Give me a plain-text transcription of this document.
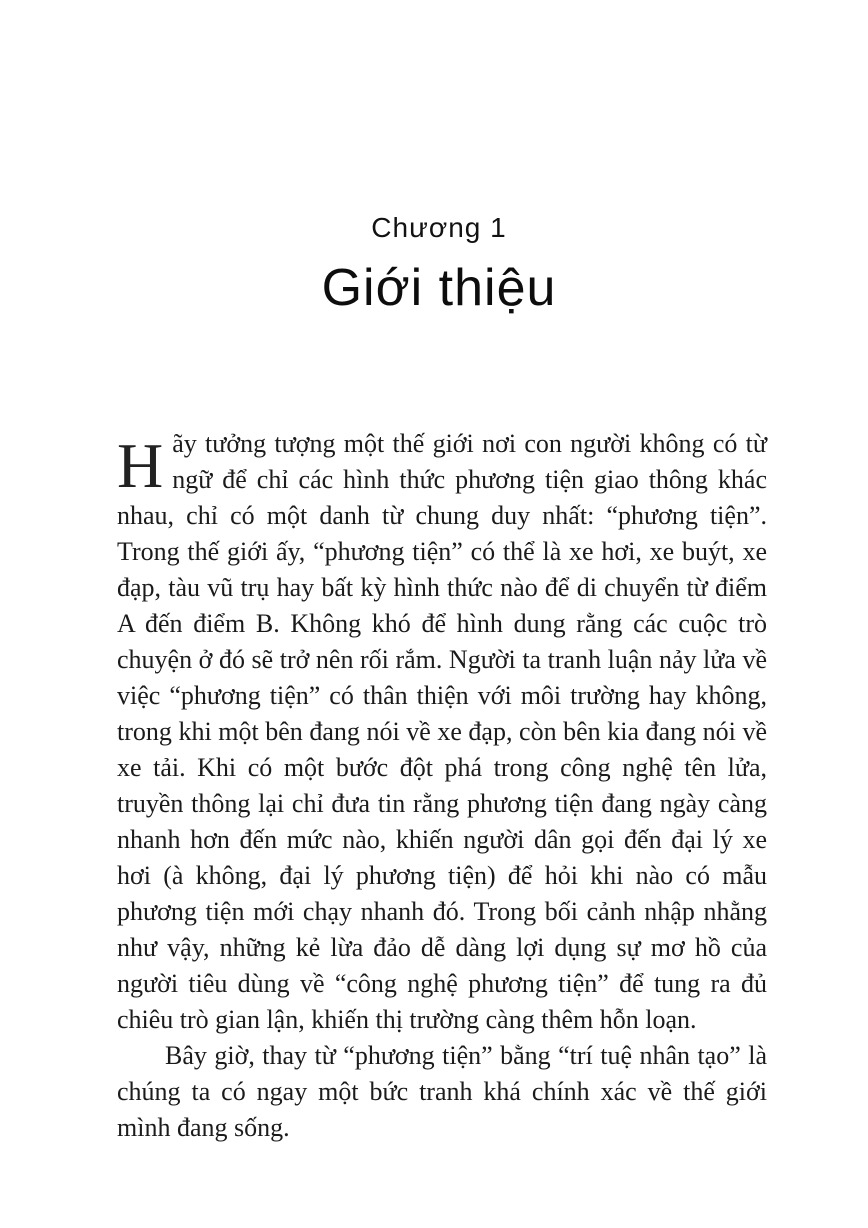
Chương 1
Giới thiệu

Hãy tưởng tượng một thế giới nơi con người không có từ ngữ để chỉ các hình thức phương tiện giao thông khác nhau, chỉ có một danh từ chung duy nhất: “phương tiện”. Trong thế giới ấy, “phương tiện” có thể là xe hơi, xe buýt, xe đạp, tàu vũ trụ hay bất kỳ hình thức nào để di chuyển từ điểm A đến điểm B. Không khó để hình dung rằng các cuộc trò chuyện ở đó sẽ trở nên rối rắm. Người ta tranh luận nảy lửa về việc “phương tiện” có thân thiện với môi trường hay không, trong khi một bên đang nói về xe đạp, còn bên kia đang nói về xe tải. Khi có một bước đột phá trong công nghệ tên lửa, truyền thông lại chỉ đưa tin rằng phương tiện đang ngày càng nhanh hơn đến mức nào, khiến người dân gọi đến đại lý xe hơi (à không, đại lý phương tiện) để hỏi khi nào có mẫu phương tiện mới chạy nhanh đó. Trong bối cảnh nhập nhằng như vậy, những kẻ lừa đảo dễ dàng lợi dụng sự mơ hồ của người tiêu dùng về “công nghệ phương tiện” để tung ra đủ chiêu trò gian lận, khiến thị trường càng thêm hỗn loạn.

Bây giờ, thay từ “phương tiện” bằng “trí tuệ nhân tạo” là chúng ta có ngay một bức tranh khá chính xác về thế giới mình đang sống.
